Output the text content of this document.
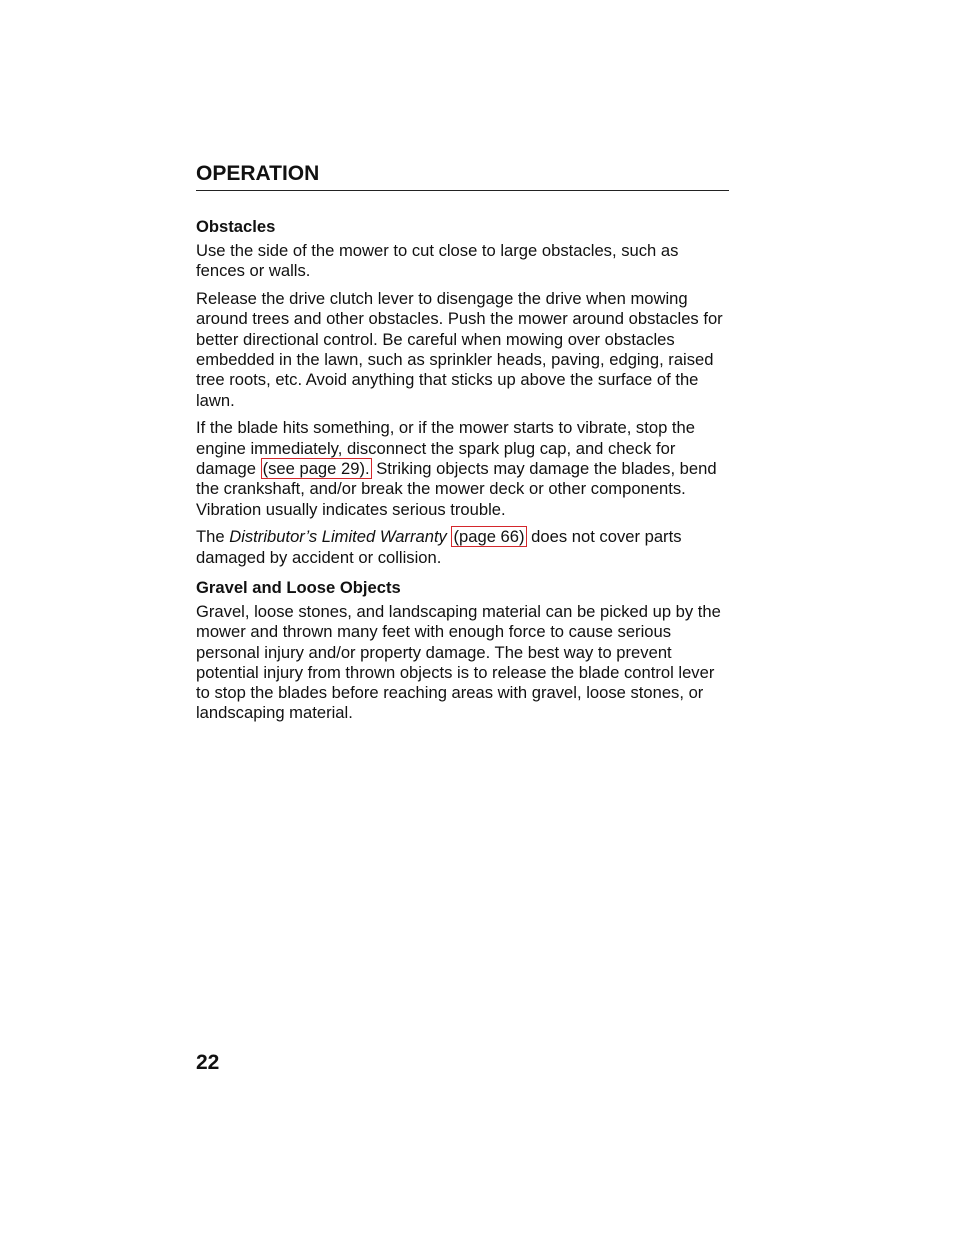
OPERATION
Obstacles

Use the side of the mower to cut close to large obstacles, such as fences or walls.

Release the drive clutch lever to disengage the drive when mowing around trees and other obstacles. Push the mower around obstacles for better directional control. Be careful when mowing over obstacles embedded in the lawn, such as sprinkler heads, paving, edging, raised tree roots, etc. Avoid anything that sticks up above the surface of the lawn.

If the blade hits something, or if the mower starts to vibrate, stop the engine immediately, disconnect the spark plug cap, and check for damage (see page 29). Striking objects may damage the blades, bend the crankshaft, and/or break the mower deck or other components. Vibration usually indicates serious trouble.

The Distributor’s Limited Warranty (page 66) does not cover parts damaged by accident or collision.

Gravel and Loose Objects

Gravel, loose stones, and landscaping material can be picked up by the mower and thrown many feet with enough force to cause serious personal injury and/or property damage. The best way to prevent potential injury from thrown objects is to release the blade control lever to stop the blades before reaching areas with gravel, loose stones, or landscaping material.

22
